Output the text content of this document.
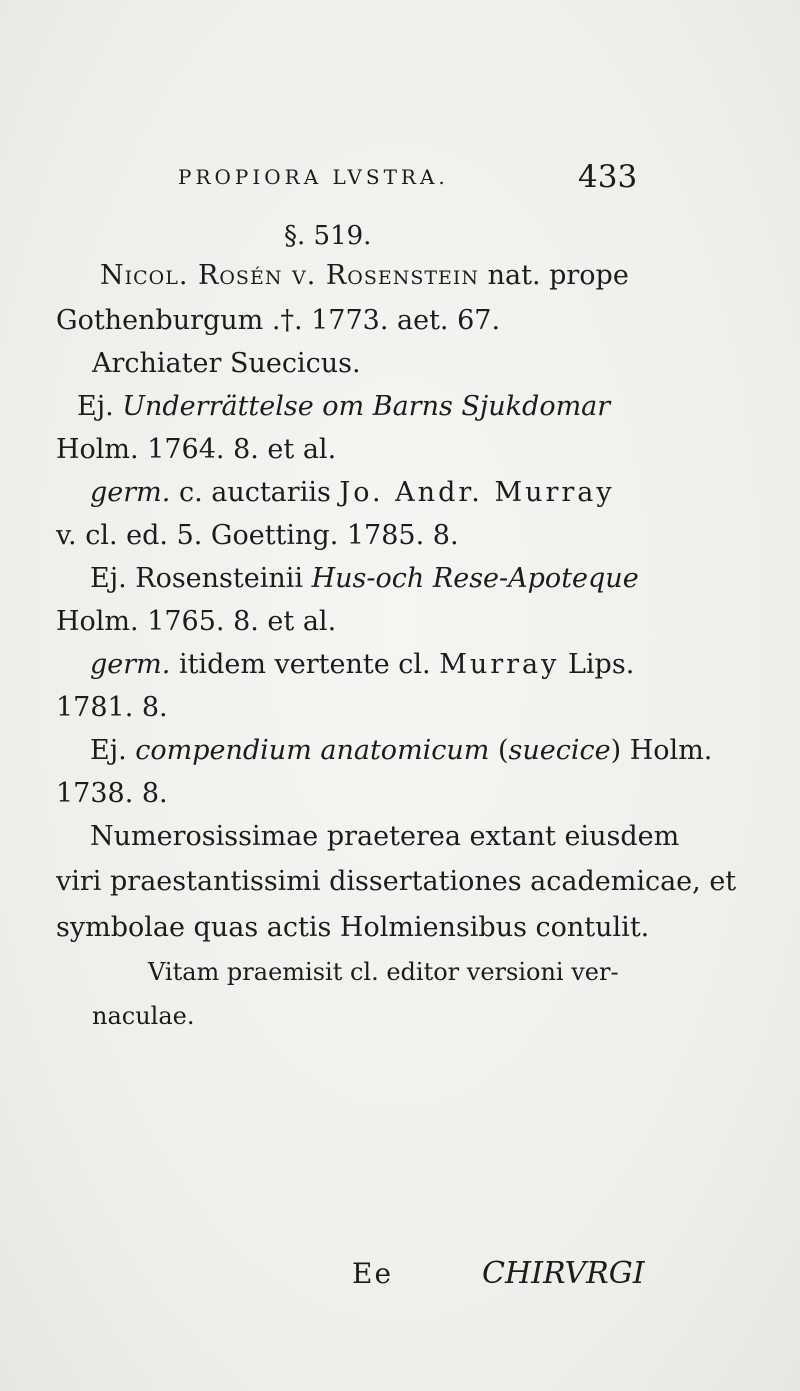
PROPIORA LVSTRA.	433
§. 519.
Nicol. Rosén v. Rosenstein nat. prope
Gothenburgum .†. 1773. aet. 67.
Archiater Suecicus.
Ej. Underrättelse om Barns Sjukdomar
Holm. 1764. 8. et al.
germ. c. auctariis Jo. Andr. Murray
v. cl. ed. 5. Goetting. 1785. 8.
Ej. Rosensteinii Hus-och Rese-Apoteque
Holm. 1765. 8. et al.
germ. itidem vertente cl. Murray Lips.
1781. 8.
Ej. compendium anatomicum (suecice) Holm.
1738. 8.
Numerosissimae praeterea extant eiusdem
viri praestantissimi dissertationes academicae, et
symbolae quas actis Holmiensibus contulit.
Vitam praemisit cl. editor versioni ver-
naculae.
Ee	CHIRVRGI
